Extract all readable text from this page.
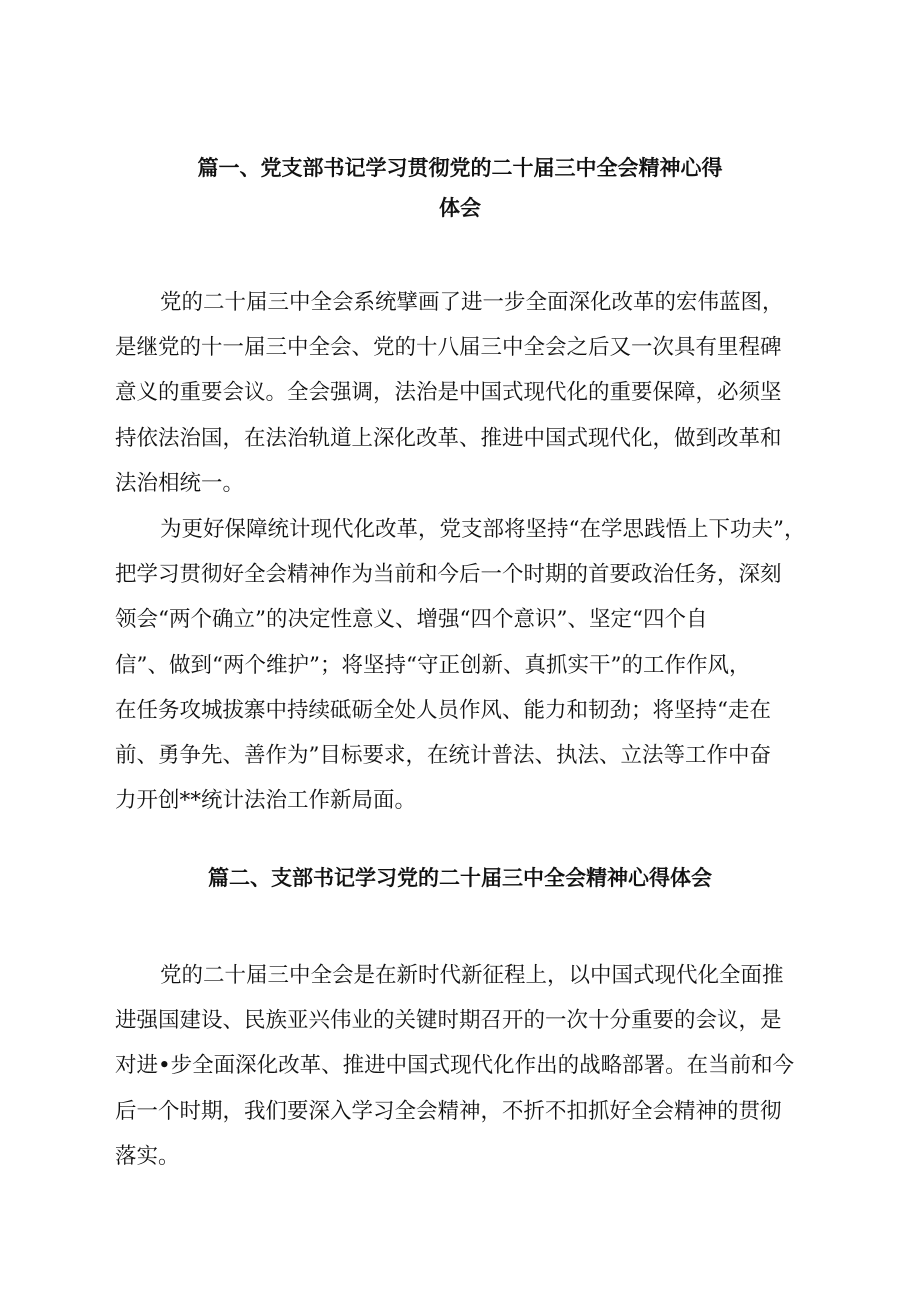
篇一、党支部书记学习贯彻党的二十届三中全会精神心得
体会

党的二十届三中全会系统擘画了进一步全面深化改革的宏伟蓝图，
是继党的十一届三中全会、党的十八届三中全会之后又一次具有里程碑
意义的重要会议。全会强调，法治是中国式现代化的重要保障，必须坚
持依法治国，在法治轨道上深化改革、推进中国式现代化，做到改革和
法治相统一。

为更好保障统计现代化改革，党支部将坚持“在学思践悟上下功夫”，
把学习贯彻好全会精神作为当前和今后一个时期的首要政治任务，深刻
领会“两个确立”的决定性意义、增强“四个意识”、坚定“四个自
信”、做到“两个维护”；将坚持“守正创新、真抓实干”的工作作风，
在任务攻城拔寨中持续砥砺全处人员作风、能力和韧劲；将坚持“走在
前、勇争先、善作为”目标要求，在统计普法、执法、立法等工作中奋
力开创**统计法治工作新局面。

篇二、支部书记学习党的二十届三中全会精神心得体会

党的二十届三中全会是在新时代新征程上，以中国式现代化全面推
进强国建设、民族亚兴伟业的关键时期召开的一次十分重要的会议，是
对进•步全面深化改革、推进中国式现代化作出的战略部署。在当前和今
后一个时期，我们要深入学习全会精神，不折不扣抓好全会精神的贯彻
落实。
